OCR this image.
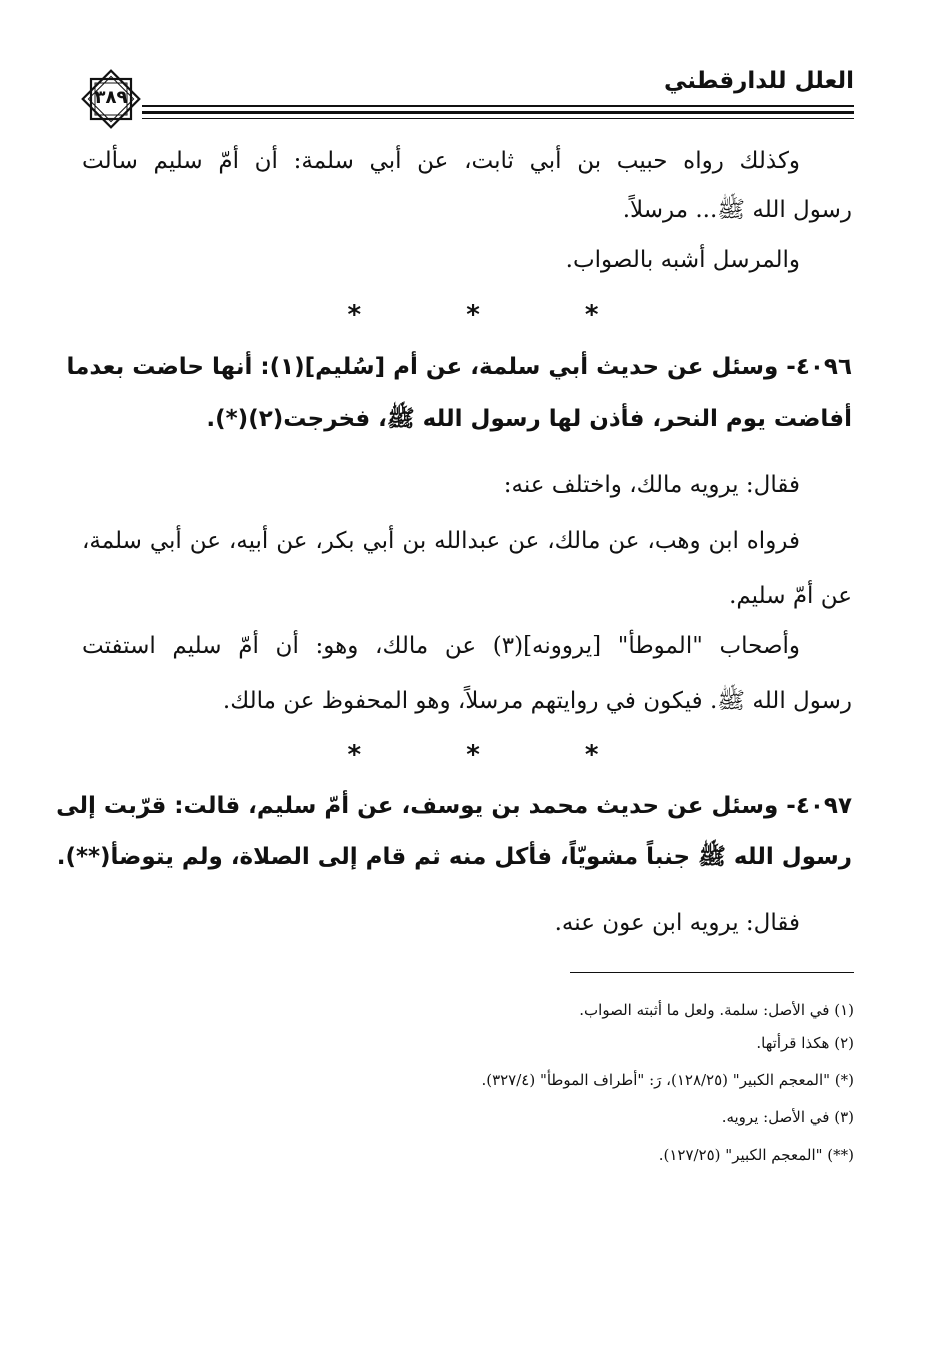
العلل للدارقطني
٣٨٩
وكذلك رواه حبيب بن أبي ثابت، عن أبي سلمة: أن أمّ سليم سألت
رسول الله ﷺ... مرسلاً.
والمرسل أشبه بالصواب.
* * *
٤٠٩٦- وسئل عن حديث أبي سلمة، عن أم [سُليم](١): أنها حاضت بعدما
أفاضت يوم النحر، فأذن لها رسول الله ﷺ، فخرجت(٢)(*).
فقال: يرويه مالك، واختلف عنه:
فرواه ابن وهب، عن مالك، عن عبدالله بن أبي بكر، عن أبيه، عن أبي سلمة،
عن أمّ سليم.
وأصحاب "الموطأ" [يروونه](٣) عن مالك، وهو: أن أمّ سليم استفتت
رسول الله ﷺ. فيكون في روايتهم مرسلاً، وهو المحفوظ عن مالك.
* * *
٤٠٩٧- وسئل عن حديث محمد بن يوسف، عن أمّ سليم، قالت: قرّبت إلى
رسول الله ﷺ جنباً مشويّاً، فأكل منه ثم قام إلى الصلاة، ولم يتوضأ(**).
فقال: يرويه ابن عون عنه.
(١) في الأصل: سلمة. ولعل ما أثبته الصواب.
(٢) هكذا قرأتها.
(*) "المعجم الكبير" (١٢٨/٢٥)، رَ: "أطراف الموطأ" (٣٢٧/٤).
(٣) في الأصل: يرويه.
(**) "المعجم الكبير" (١٢٧/٢٥).
